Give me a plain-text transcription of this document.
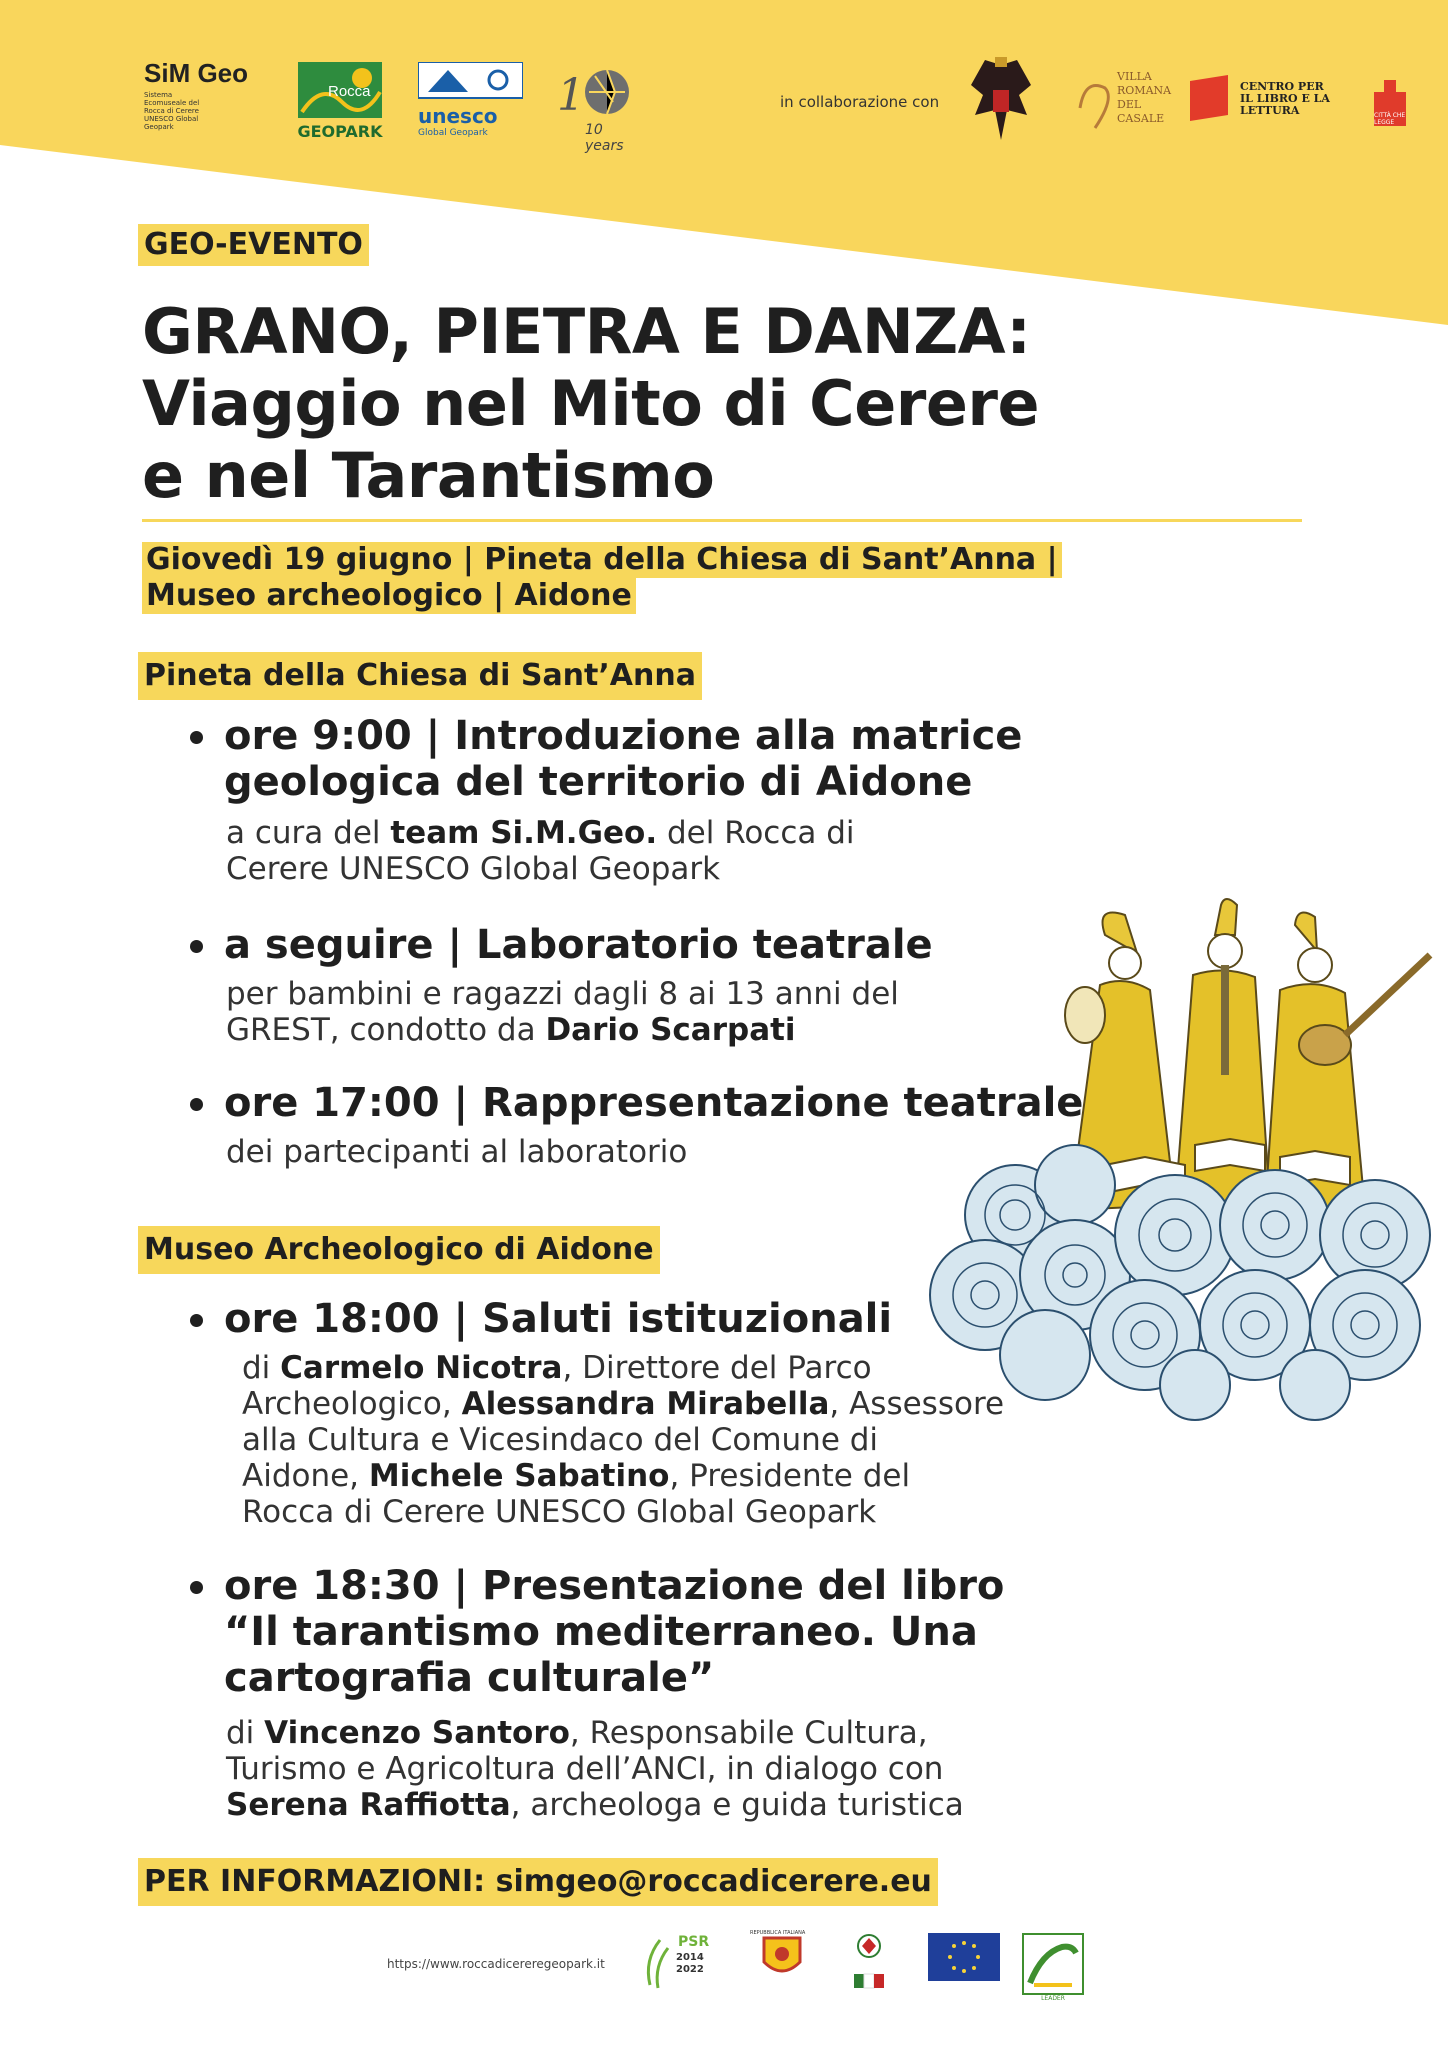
SiM Geo
Sistema Ecomuseale del Rocca di Cerere UNESCO Global Geopark
Rocca
GEOPARK
unesco
Global Geopark
1
10 years
in collaborazione con
VILLA ROMANA DEL CASALE
CENTRO PER IL LIBRO E LA LETTURA	CITTÀ CHE LEGGE
GEO-EVENTO
GRANO, PIETRA E DANZA:
Viaggio nel Mito di Cerere
e nel Tarantismo
Giovedì 19 giugno | Pineta della Chiesa di Sant’Anna |
Museo archeologico | Aidone
Pineta della Chiesa di Sant’Anna
ore 9:00 | Introduzione alla matrice
geologica del territorio di Aidone
a cura del team Si.M.Geo. del Rocca di
Cerere UNESCO Global Geopark
a seguire | Laboratorio teatrale
per bambini e ragazzi dagli 8 ai 13 anni del
GREST, condotto da Dario Scarpati
ore 17:00 | Rappresentazione teatrale
dei partecipanti al laboratorio
Museo Archeologico di Aidone
ore 18:00 | Saluti istituzionali
di Carmelo Nicotra, Direttore del Parco
Archeologico, Alessandra Mirabella, Assessore
alla Cultura e Vicesindaco del Comune di
Aidone, Michele Sabatino, Presidente del
Rocca di Cerere UNESCO Global Geopark
ore 18:30 | Presentazione del libro
“Il tarantismo mediterraneo. Una
cartografia culturale”
di Vincenzo Santoro, Responsabile Cultura,
Turismo e Agricoltura dell’ANCI, in dialogo con
Serena Raffiotta, archeologa e guida turistica
PER INFORMAZIONI: simgeo@roccadicerere.eu
https://www.roccadicereregeopark.it
PSR
2014 2022
REPUBBLICA ITALIANA
LEADER
